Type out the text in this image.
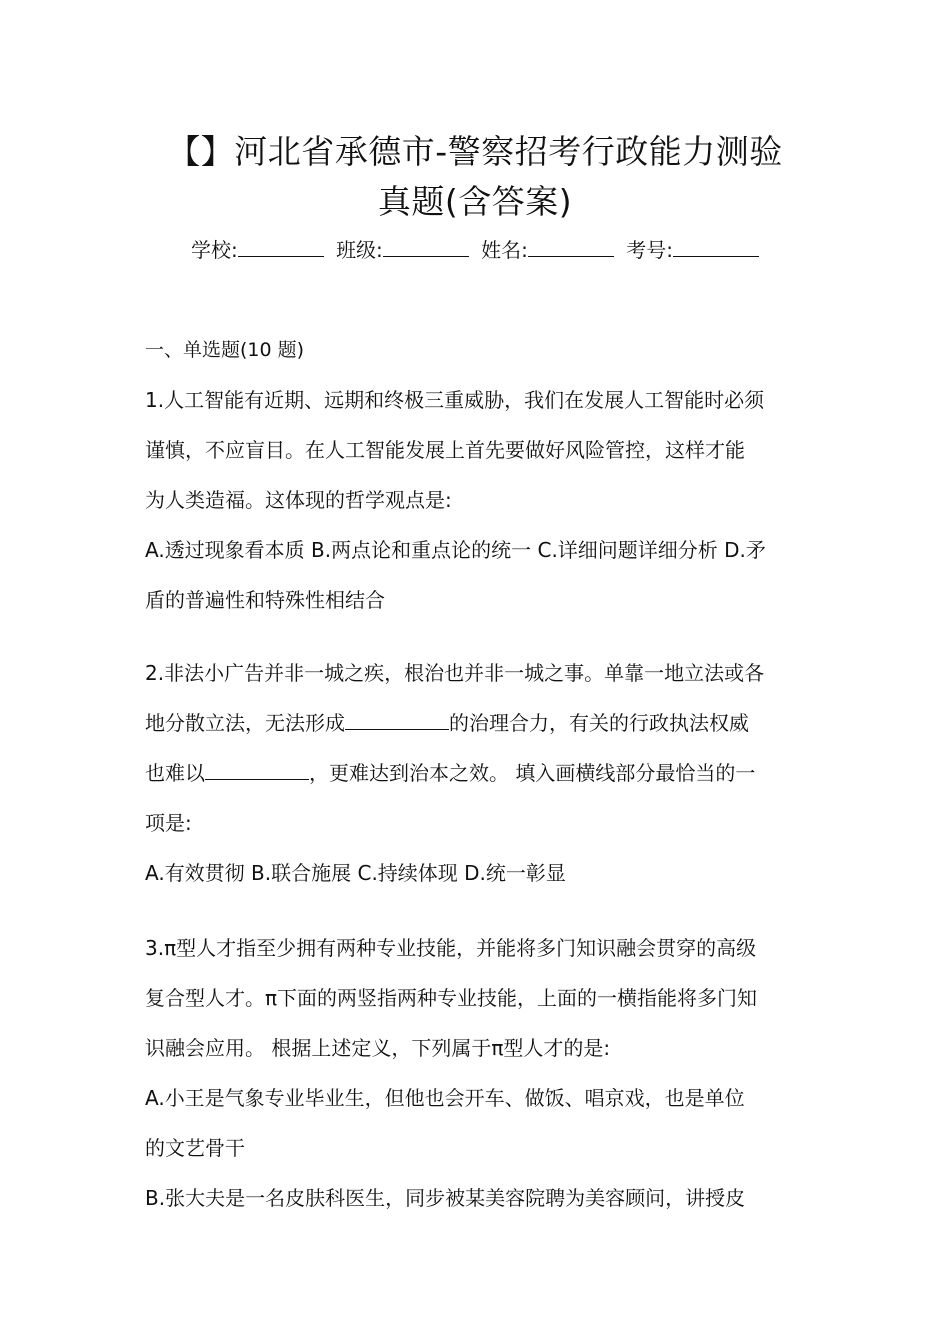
【】河北省承德市-警察招考行政能力测验
真题(含答案)
学校:	班级:	姓名:	考号:
一、单选题(10 题)
1.人工智能有近期、远期和终极三重威胁，我们在发展人工智能时必须
谨慎，不应盲目。在人工智能发展上首先要做好风险管控，这样才能
为人类造福。这体现的哲学观点是:
A.透过现象看本质 B.两点论和重点论的统一 C.详细问题详细分析 D.矛
盾的普遍性和特殊性相结合
2.非法小广告并非一城之疾，根治也并非一城之事。单靠一地立法或各
地分散立法，无法形成	的治理合力，有关的行政执法权威
也难以	，更难达到治本之效。 填入画横线部分最恰当的一
项是:
A.有效贯彻 B.联合施展 C.持续体现 D.统一彰显
3.π型人才指至少拥有两种专业技能，并能将多门知识融会贯穿的高级
复合型人才。π下面的两竖指两种专业技能，上面的一横指能将多门知
识融会应用。 根据上述定义，下列属于π型人才的是:
A.小王是气象专业毕业生，但他也会开车、做饭、唱京戏，也是单位
的文艺骨干
B.张大夫是一名皮肤科医生，同步被某美容院聘为美容顾问，讲授皮
